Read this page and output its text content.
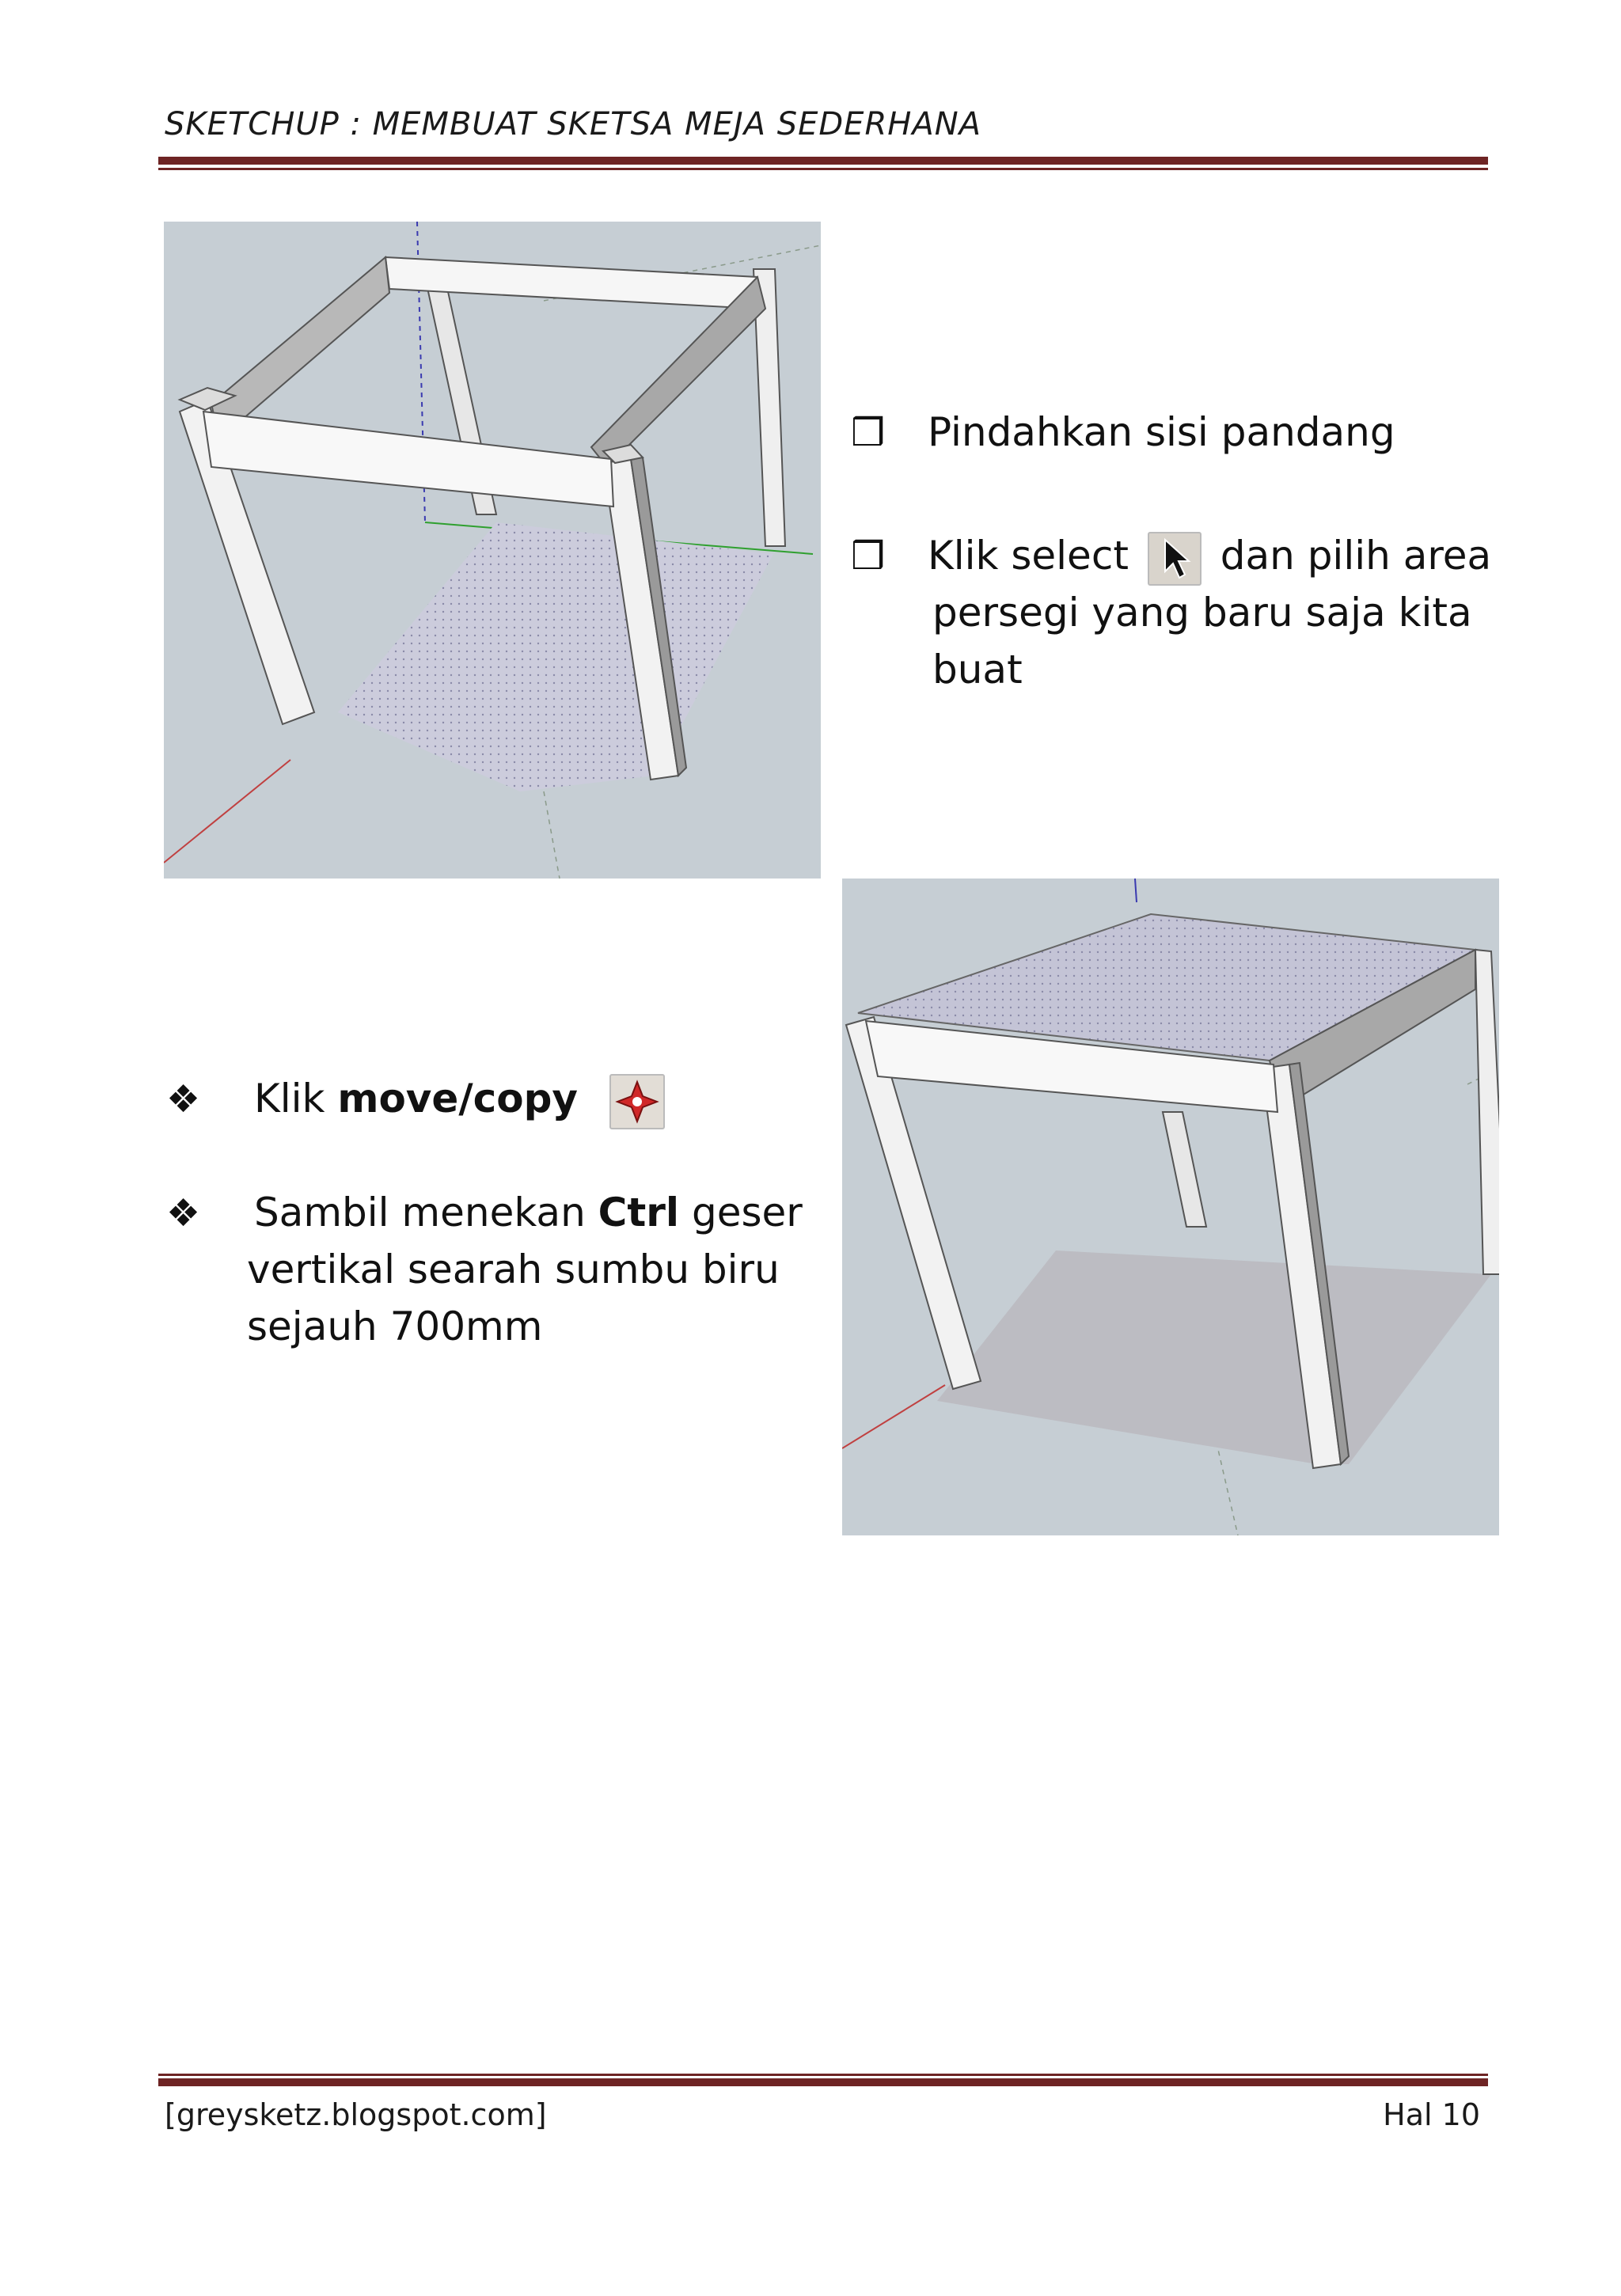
SKETCHUP : MEMBUAT SKETSA MEJA SEDERHANA
❒ Pindahkan sisi pandang
❒ Klik select dan pilih area
persegi yang baru saja kita
buat
❖ Klik move/copy
❖ Sambil menekan Ctrl geser
vertikal searah sumbu biru
sejauh 700mm
[greysketz.blogspot.com]	Hal 10
